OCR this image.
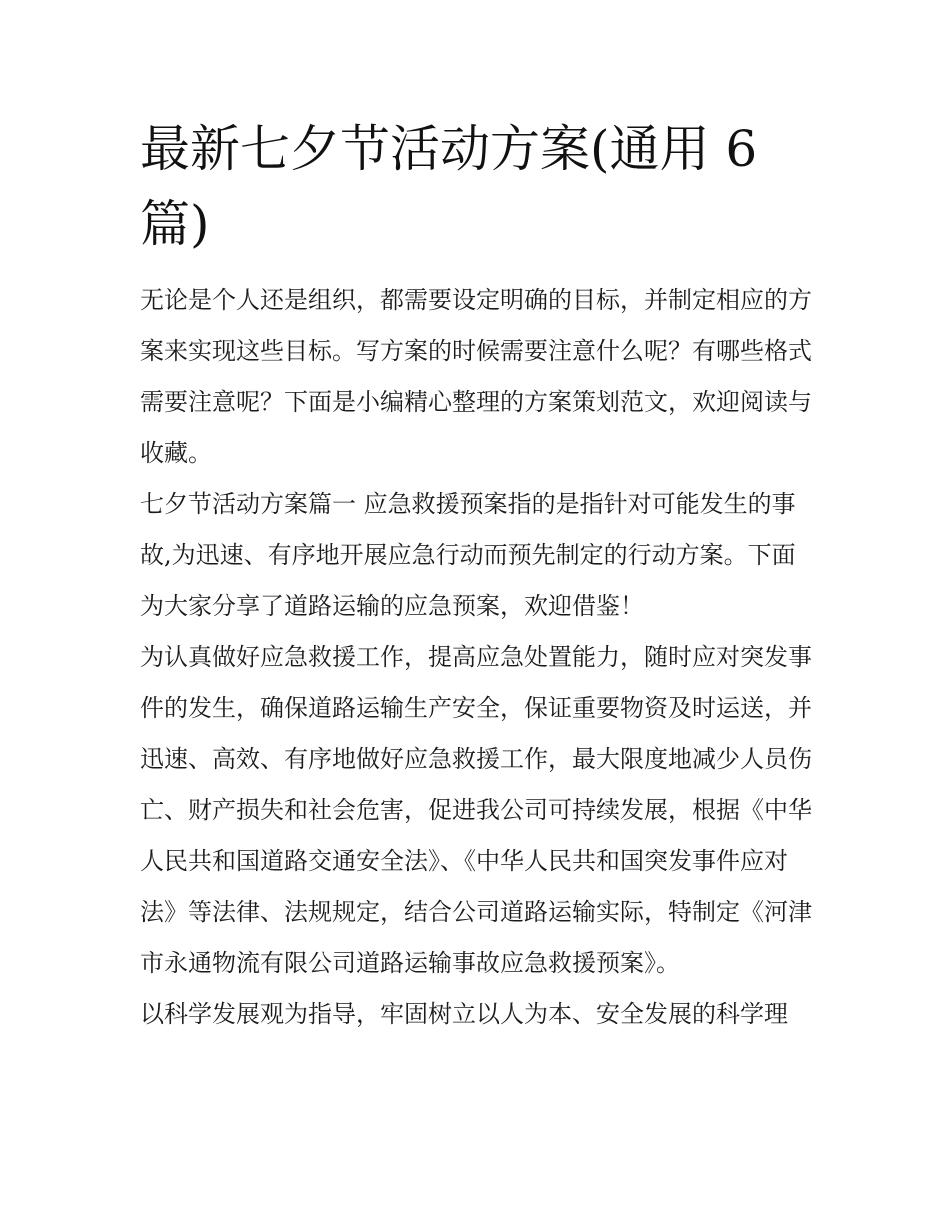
最新七夕节活动方案(通用 6 篇)

无论是个人还是组织，都需要设定明确的目标，并制定相应的方案来实现这些目标。写方案的时候需要注意什么呢？有哪些格式需要注意呢？下面是小编精心整理的方案策划范文，欢迎阅读与收藏。

七夕节活动方案篇一 应急救援预案指的是指针对可能发生的事故,为迅速、有序地开展应急行动而预先制定的行动方案。下面为大家分享了道路运输的应急预案，欢迎借鉴！

为认真做好应急救援工作，提高应急处置能力，随时应对突发事件的发生，确保道路运输生产安全，保证重要物资及时运送，并迅速、高效、有序地做好应急救援工作，最大限度地减少人员伤亡、财产损失和社会危害，促进我公司可持续发展，根据《中华人民共和国道路交通安全法》、《中华人民共和国突发事件应对法》等法律、法规规定，结合公司道路运输实际，特制定《河津市永通物流有限公司道路运输事故应急救援预案》。

以科学发展观为指导，牢固树立以人为本、安全发展的科学理
